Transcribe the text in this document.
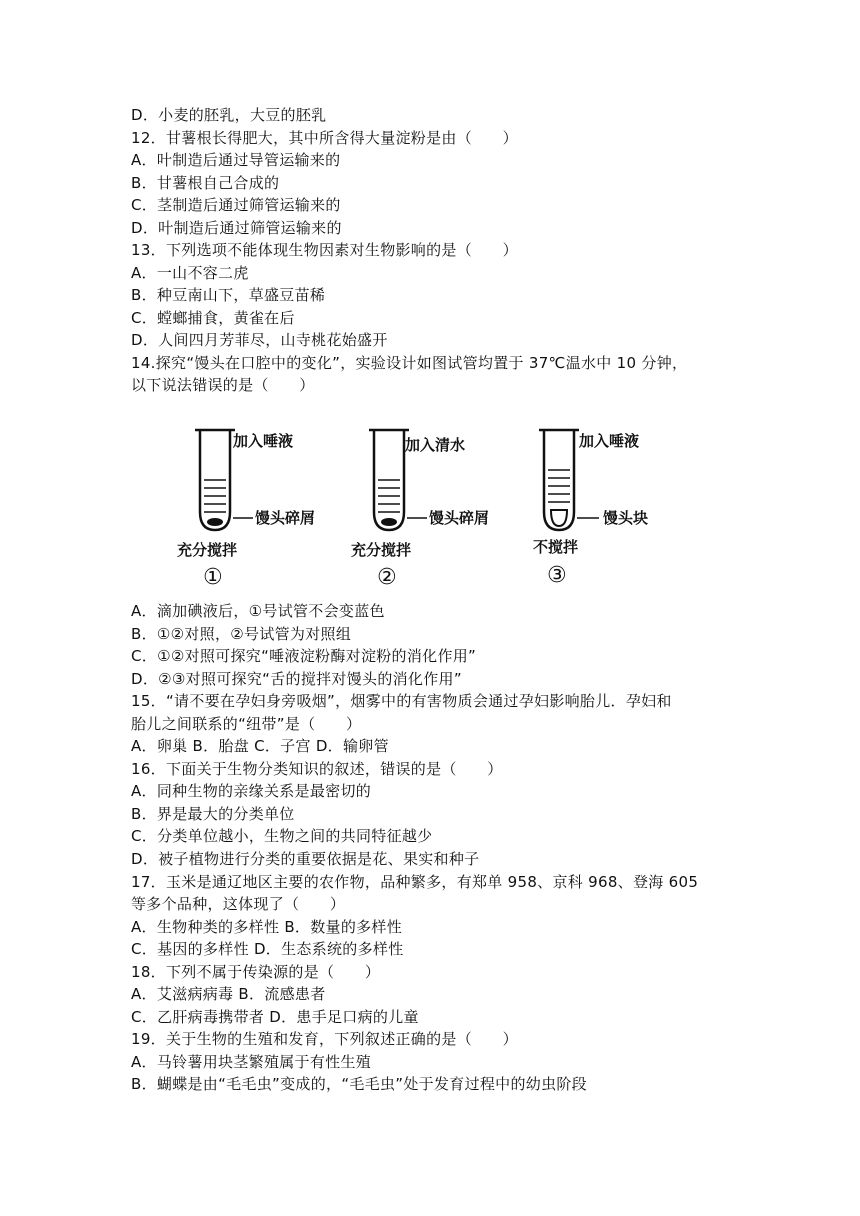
D．小麦的胚乳，大豆的胚乳
12．甘薯根长得肥大，其中所含得大量淀粉是由（　　）
A．叶制造后通过导管运输来的
B．甘薯根自己合成的
C．茎制造后通过筛管运输来的
D．叶制造后通过筛管运输来的
13．下列选项不能体现生物因素对生物影响的是（　　）
A．一山不容二虎
B．种豆南山下，草盛豆苗稀
C．螳螂捕食，黄雀在后
D．人间四月芳菲尽，山寺桃花始盛开
14.探究“馒头在口腔中的变化”，实验设计如图试管均置于 37℃温水中 10 分钟，
以下说法错误的是（　　）
加入唾液
馒头碎屑
充分搅拌
①
加入清水
馒头碎屑
充分搅拌
②
加入唾液
馒头块
不搅拌
③
A．滴加碘液后，①号试管不会变蓝色
B．①②对照，②号试管为对照组
C．①②对照可探究“唾液淀粉酶对淀粉的消化作用”
D．②③对照可探究“舌的搅拌对馒头的消化作用”
15．“请不要在孕妇身旁吸烟”，烟雾中的有害物质会通过孕妇影响胎儿．孕妇和
胎儿之间联系的“纽带”是（　　）
A．卵巢 B．胎盘 C．子宫 D．输卵管
16．下面关于生物分类知识的叙述，错误的是（　　）
A．同种生物的亲缘关系是最密切的
B．界是最大的分类单位
C．分类单位越小，生物之间的共同特征越少
D．被子植物进行分类的重要依据是花、果实和种子
17．玉米是通辽地区主要的农作物，品种繁多，有郑单 958、京科 968、登海 605
等多个品种，这体现了（　　）
A．生物种类的多样性 B．数量的多样性
C．基因的多样性 D．生态系统的多样性
18．下列不属于传染源的是（　　）
A．艾滋病病毒 B．流感患者
C．乙肝病毒携带者 D．患手足口病的儿童
19．关于生物的生殖和发育，下列叙述正确的是（　　）
A．马铃薯用块茎繁殖属于有性生殖
B．蝴蝶是由“毛毛虫”变成的，“毛毛虫”处于发育过程中的幼虫阶段
